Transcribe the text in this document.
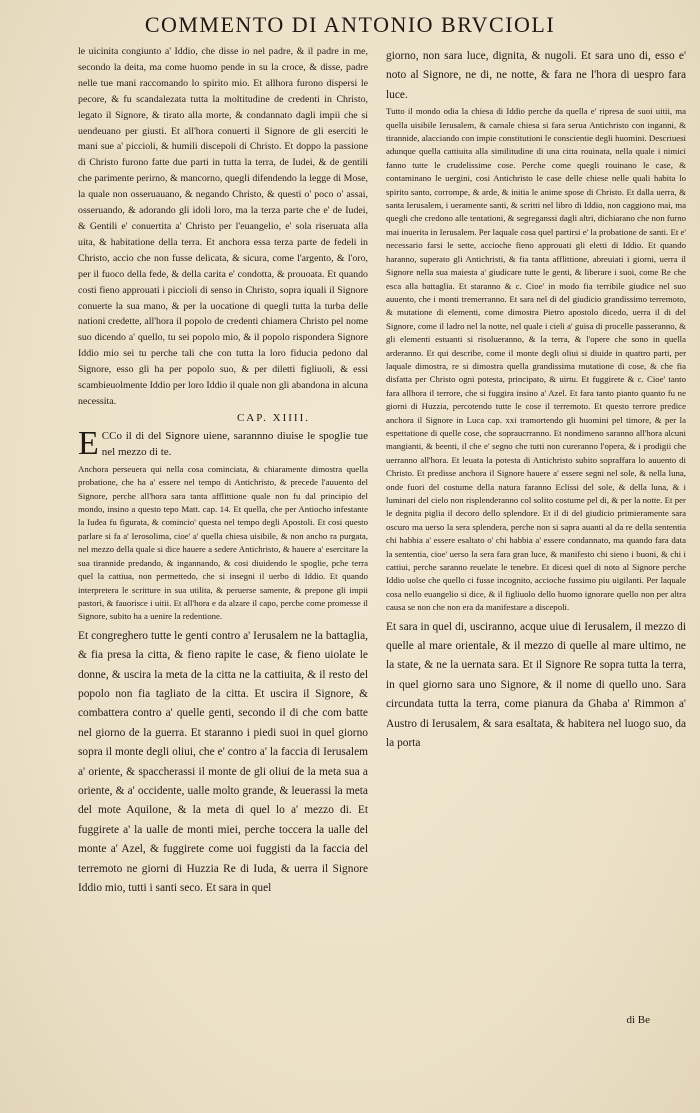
COMMENTO DI ANTONIO BRVCIOLI

le uicinita congiunto a' Iddio, che disse io nel padre, & il padre in me, secondo la deita, ma come huomo pende in su la croce, & disse, padre nelle tue mani raccomando lo spirito mio. Et allhora furono dispersi le pecore, & fu scandalezata tutta la moltitudine de credenti in Christo, legato il Signore, & tirato alla morte, & condannato dagli impii che si uendeuano per giusti. Et all'hora conuerti il Signore de gli eserciti le mani sue a' piccioli, & humili discepoli di Christo. Et doppo la passione di Christo furono fatte due parti in tutta la terra, de Iudei, & de gentili che parimente perirno, & mancorno, quegli difendendo la legge di Mose, la quale non osseruauano, & negando Christo, & questi o' poco o' assai, osseruando, & adorando gli idoli loro, ma la terza parte che e' de Iudei, & Gentili e' conuertita a' Christo per l'euangelio, e' sola riseruata alla uita, & habitatione della terra. Et anchora essa terza parte de fedeli in Christo, accio che non fusse delicata, & sicura, come l'argento, & l'oro, per il fuoco della fede, & della carita e' condotta, & prouoata. Et quando costi fieno approuati i piccioli di senso in Christo, sopra iquali il Signore conuerte la sua mano, & per la uocatione di quegli tutta la turba delle nationi credette, all'hora il popolo de credenti chiamera Christo pel nome suo dicendo a' quello, tu sei popolo mio, & il popolo rispondera Signore Iddio mio sei tu perche tali che con tutta la loro fiducia pedono dal Signore, esso gli ha per popolo suo, & per diletti figliuoli, & essi scambieuolmente Iddio per loro Iddio il quale non gli abandona in alcuna necessita.

CAP. XIIII.

E CCo il di del Signore uiene, sarannno diuise le spoglie tue nel mezzo di te.

Anchora perseuera qui nella cosa cominciata, & chiaramente dimostra quella probatione, che ha a' essere nel tempo di Antichristo, & precede l'auuento del Signore, perche all'hora sara tanta afflittione quale non fu dal principio del mondo, insino a questo tepo Matt. cap. 14. Et quella, che per Antiocho infestante la Iudea fu figurata, & comincio' questa nel tempo degli Apostoli. Et cosi questo parlare si fa a' Ierosolima, cioe' a' quella chiesa uisibile, & non ancho ra purgata, nel mezzo della quale si dice hauere a sedere Antichristo, & hauere a' esercitare la sua tirannide predando, & ingannando, & cosi diuidendo le spoglie, pche terra quel la cattiua, non permettedo, che si insegni il uerbo di Iddio. Et quando interpretera le scritture in sua utilita, & peruerse samente, & prepone gli impii pastori, & fauorisce i uitii. Et all'hora e da alzare il capo, perche come promesse il Signore, subito ha a uenire la redentione.

Et congreghero tutte le genti contro a' Ierusalem ne la battaglia, & fia presa la citta, & fieno rapite le case, & fieno uiolate le donne, & uscira la meta de la citta ne la cattiuita, & il resto del popolo non fia tagliato de la citta. Et uscira il Signore, & combattera contro a' quelle genti, secondo il di che com batte nel giorno de la guerra. Et staranno i piedi suoi in quel giorno sopra il monte degli oliui, che e' contro a' la faccia di Ierusalem a' oriente, & spaccherassi il monte de gli oliui de la meta sua a oriente, & a' occidente, ualle molto grande, & leuerassi la meta del mote Aquilone, & la meta di quel lo a' mezzo di. Et fuggirete a' la ualle de monti miei, perche toccera la ualle del monte a' Azel, & fuggirete come uoi fuggisti da la faccia del terremoto ne giorni di Huzzia Re di Iuda, & uerra il Signore Iddio mio, tutti i santi seco. Et sara in quel

giorno, non sara luce, dignita, & nugoli. Et sara uno di, esso e' noto al Signore, ne di, ne notte, & fara ne l'hora di uespro fara luce.

Tutto il mondo odia la chiesa di Iddio perche da quella e' ripresa de suoi uitii, ma quella uisibile Ierusalem, & carnale chiesa si fara serua Antichristo con inganni, & tirannide, alacciando con impie constitutioni le conscientie degli huomini. Descriuesi adunque quella cattiuita alla similitudine di una citta rouinata, nella quale i nimici fanno tutte le crudelissime cose. Perche come quegli rouinano le case, & contaminano le uergini, cosi Antichristo le case delle chiese nelle quali habita lo spirito santo, corrompe, & arde, & initia le anime spose di Christo. Et dalla uerra, & santa Ierusalem, i ueramente santi, & scritti nel libro di Iddio, non caggiono mai, ma quegli che credono alle tentationi, & segreganssi dagli altri, dichiarano che non furno mai inuerita in Ierusalem. Per laquale cosa quel partirsi e' la probatione de santi. Et e' necessario farsi le sette, accioche fieno approuati gli eletti di Iddio. Et quando haranno, superato gli Antichristi, & fia tanta afflittione, abreuiati i giorni, uerra il Signore nella sua maiesta a' giudicare tutte le genti, & liberare i suoi, come Re che esca alla battaglia. Et staranno & c. Cioe' in modo fia terribile giudice nel suo auuento, che i monti tremerranno. Et sara nel di del giudicio grandissimo terremoto, & mutatione di elementi, come dimostra Pietro apostolo dicedo, uerra il di del Signore, come il ladro nel la notte, nel quale i cieli a' guisa di procelle passeranno, & gli elementi estuanti si risolueranno, & la terra, & l'opere che sono in quella arderanno. Et qui describe, come il monte degli oliui si diuide in quattro parti, per laquale dimostra, re si dimostra quella grandissima mutatione di cose, & che fia disfatta per Christo ogni potesta, principato, & uirtu. Et fuggirete & c. Cioe' tanto fara allhora il terrore, che si fuggira insino a' Azel. Et fara tanto pianto quanto fu ne giorni di Huzzia, percotendo tutte le cose il terremoto. Et questo terrore predice anchora il Signore in Luca cap. xxi tramortendo gli huomini pel timore, & per la espettatione di quelle cose, che sopraucrranno. Et nondimeno saranno all'hora alcuni mangianti, & beenti, il che e' segno che tutti non cureranno l'opera, & i prodigii che uerranno all'hora. Et leuata la potesta di Antichristo subito sopraffara lo auuento di Christo. Et predisse anchora il Signore hauere a' essere segni nel sole, & nella luna, onde fuori del costume della natura faranno Eclissi del sole, & della luna, & i luminari del cielo non risplenderanno col solito costume pel di, & per la notte. Et per le degnita piglia il decoro dello splendore. Et il di del giudicio primieramente sara oscuro ma uerso la sera splendera, perche non si sapra auanti al da re della sententia chi habbia a' essere esaltato o' chi habbia a' essere condannato, ma quando fara data la sententia, cioe' uerso la sera fara gran luce, & manifesto chi sieno i buoni, & chi i cattiui, perche saranno reuelate le tenebre. Et dicesi quel di noto al Signore perche Iddio uolse che quello ci fusse incognito, accioche fussimo piu uigilanti. Per laquale cosa nello euangelio si dice, & il figliuolo dello huomo ignorare quello non per altra causa se non che non era da manifestare a discepoli.

Et sara in quel di, usciranno, acque uiue di Ierusalem, il mezzo di quelle al mare orientale, & il mezzo di quelle al mare ultimo, ne la state, & ne la uernata sara. Et il Signore Re sopra tutta la terra, in quel giorno sara uno Signore, & il nome di quello uno. Sara circundata tutta la terra, come pianura da Ghaba a' Rimmon a' Austro di Ierusalem, & sara esaltata, & habitera nel luogo suo, da la porta

di Be
